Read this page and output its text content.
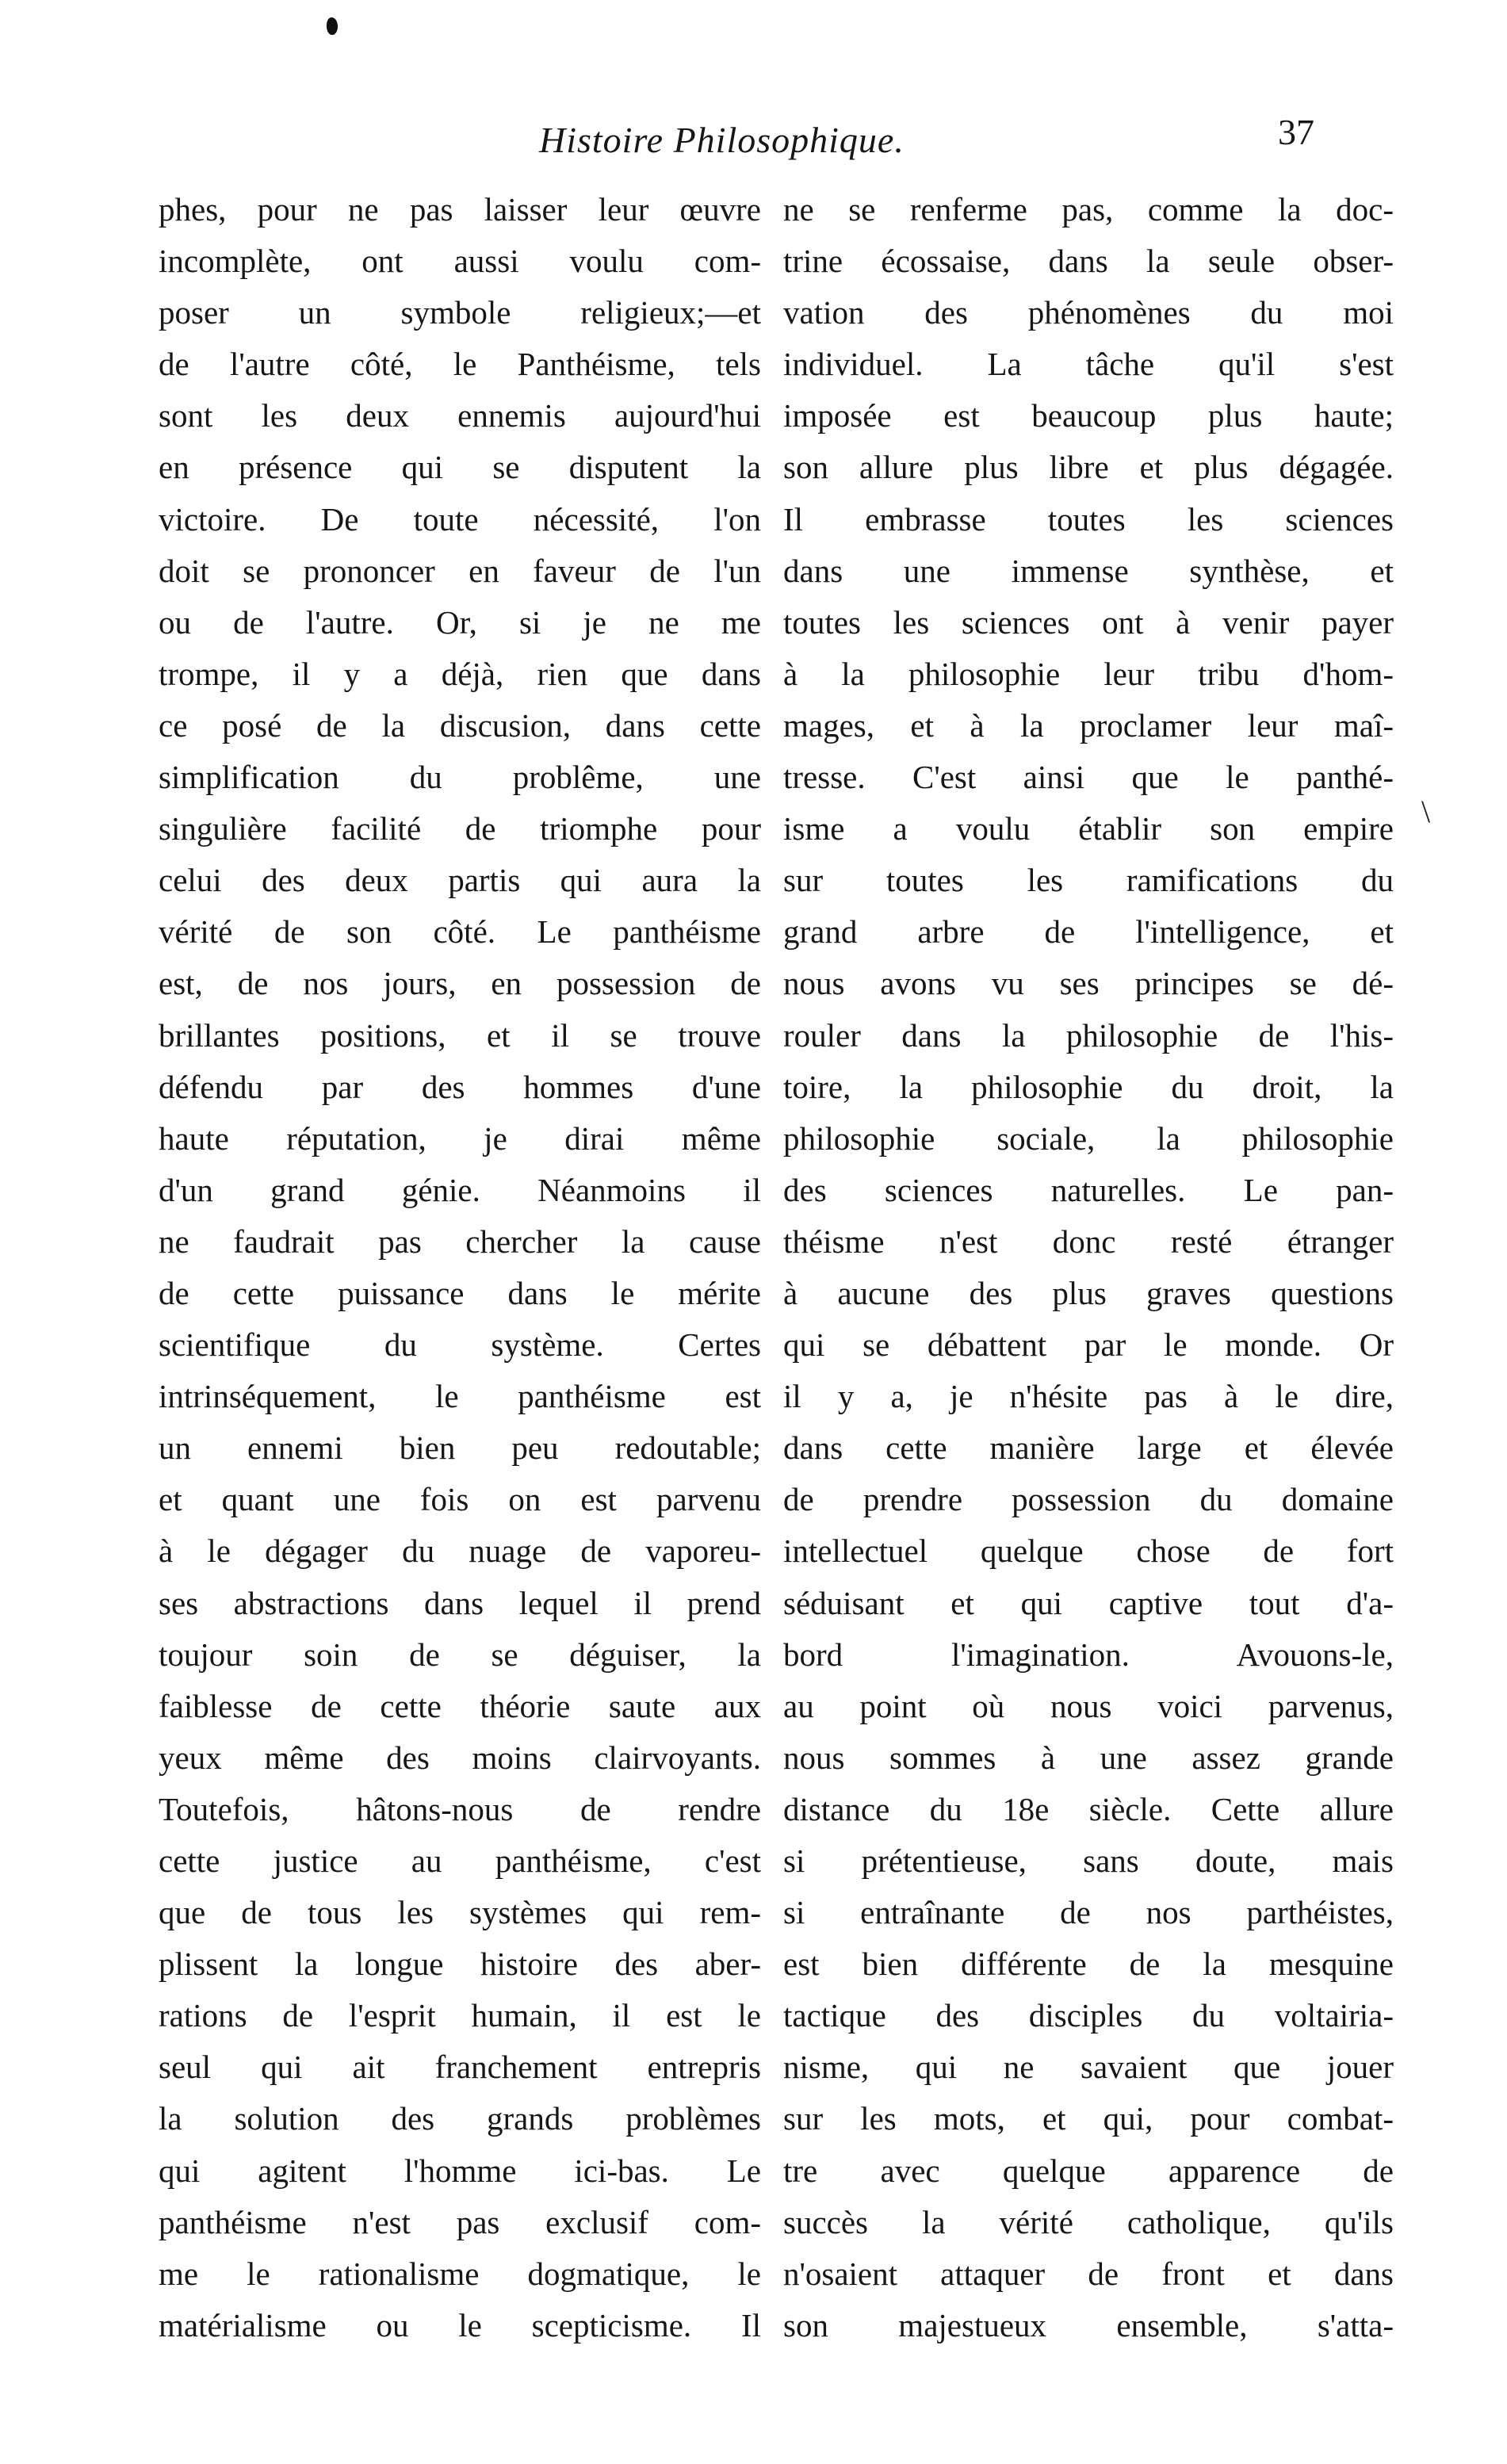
Histoire Philosophique.	37
phes, pour ne pas laisser leur œuvre
incomplète, ont aussi voulu com-
poser un symbole religieux;—et
de l'autre côté, le Panthéisme, tels
sont les deux ennemis aujourd'hui
en présence qui se disputent la
victoire. De toute nécessité, l'on
doit se prononcer en faveur de l'un
ou de l'autre. Or, si je ne me
trompe, il y a déjà, rien que dans
ce posé de la discusion, dans cette
simplification du problême, une
singulière facilité de triomphe pour
celui des deux partis qui aura la
vérité de son côté. Le panthéisme
est, de nos jours, en possession de
brillantes positions, et il se trouve
défendu par des hommes d'une
haute réputation, je dirai même
d'un grand génie. Néanmoins il
ne faudrait pas chercher la cause
de cette puissance dans le mérite
scientifique du système. Certes
intrinséquement, le panthéisme est
un ennemi bien peu redoutable;
et quant une fois on est parvenu
à le dégager du nuage de vaporeu-
ses abstractions dans lequel il prend
toujour soin de se déguiser, la
faiblesse de cette théorie saute aux
yeux même des moins clairvoyants.
Toutefois, hâtons-nous de rendre
cette justice au panthéisme, c'est
que de tous les systèmes qui rem-
plissent la longue histoire des aber-
rations de l'esprit humain, il est le
seul qui ait franchement entrepris
la solution des grands problèmes
qui agitent l'homme ici-bas. Le
panthéisme n'est pas exclusif com-
me le rationalisme dogmatique, le
matérialisme ou le scepticisme. Il
ne se renferme pas, comme la doc-
trine écossaise, dans la seule obser-
vation des phénomènes du moi
individuel. La tâche qu'il s'est
imposée est beaucoup plus haute;
son allure plus libre et plus dégagée.
Il embrasse toutes les sciences
dans une immense synthèse, et
toutes les sciences ont à venir payer
à la philosophie leur tribu d'hom-
mages, et à la proclamer leur maî-
tresse. C'est ainsi que le panthé-
isme a voulu établir son empire
sur toutes les ramifications du
grand arbre de l'intelligence, et
nous avons vu ses principes se dé-
rouler dans la philosophie de l'his-
toire, la philosophie du droit, la
philosophie sociale, la philosophie
des sciences naturelles. Le pan-
théisme n'est donc resté étranger
à aucune des plus graves questions
qui se débattent par le monde. Or
il y a, je n'hésite pas à le dire,
dans cette manière large et élevée
de prendre possession du domaine
intellectuel quelque chose de fort
séduisant et qui captive tout d'a-
bord l'imagination. Avouons-le,
au point où nous voici parvenus,
nous sommes à une assez grande
distance du 18e siècle. Cette allure
si prétentieuse, sans doute, mais
si entraînante de nos parthéistes,
est bien différente de la mesquine
tactique des disciples du voltairia-
nisme, qui ne savaient que jouer
sur les mots, et qui, pour combat-
tre avec quelque apparence de
succès la vérité catholique, qu'ils
n'osaient attaquer de front et dans
son majestueux ensemble, s'atta-
\
